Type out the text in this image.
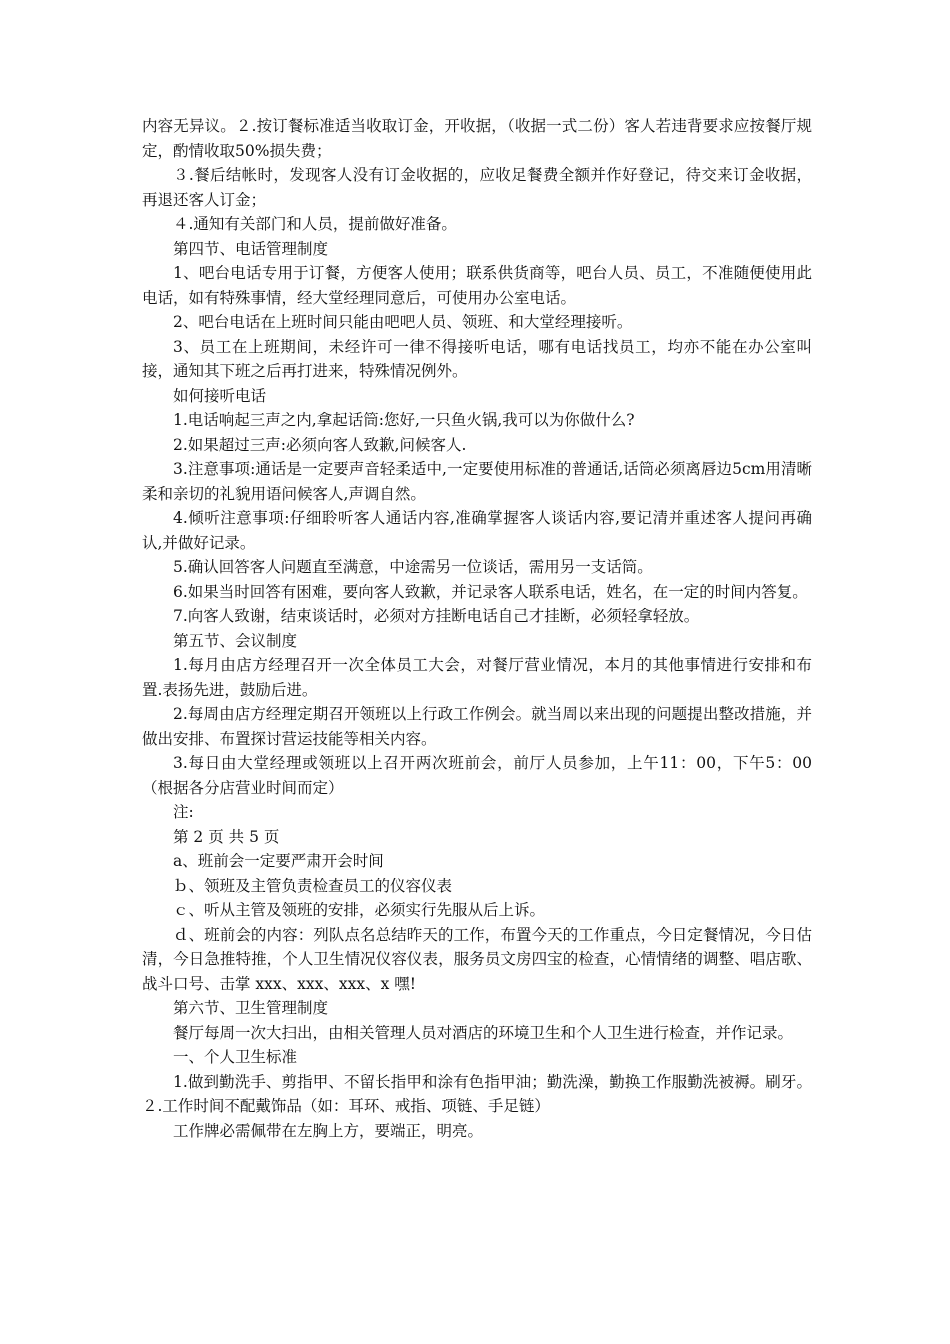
内容无异议。２.按订餐标准适当收取订金，开收据，（收据一式二份）客人若违背要求应按餐厅规定，酌情收取50%损失费；

３.餐后结帐时，发现客人没有订金收据的，应收足餐费全额并作好登记，待交来订金收据，再退还客人订金；

４.通知有关部门和人员，提前做好准备。

第四节、电话管理制度

1、吧台电话专用于订餐，方便客人使用；联系供货商等，吧台人员、员工，不准随便使用此电话，如有特殊事情，经大堂经理同意后，可使用办公室电话。

2、吧台电话在上班时间只能由吧吧人员、领班、和大堂经理接听。

3、员工在上班期间，未经许可一律不得接听电话，哪有电话找员工，均亦不能在办公室叫接，通知其下班之后再打进来，特殊情况例外。

如何接听电话

1.电话响起三声之内,拿起话筒:您好,一只鱼火锅,我可以为你做什么?

2.如果超过三声:必须向客人致歉,问候客人.

3.注意事项:通话是一定要声音轻柔适中,一定要使用标准的普通话,话筒必须离唇边5cm用清晰柔和亲切的礼貌用语问候客人,声调自然。

4.倾听注意事项:仔细聆听客人通话内容,准确掌握客人谈话内容,要记清并重述客人提问再确认,并做好记录。

5.确认回答客人问题直至满意，中途需另一位谈话，需用另一支话筒。

6.如果当时回答有困难，要向客人致歉，并记录客人联系电话，姓名，在一定的时间内答复。

7.向客人致谢，结束谈话时，必须对方挂断电话自己才挂断，必须轻拿轻放。

第五节、会议制度

1.每月由店方经理召开一次全体员工大会，对餐厅营业情况，本月的其他事情进行安排和布置.表扬先进，鼓励后进。

2.每周由店方经理定期召开领班以上行政工作例会。就当周以来出现的问题提出整改措施，并做出安排、布置探讨营运技能等相关内容。

3.每日由大堂经理或领班以上召开两次班前会，前厅人员参加，上午11：00，下午5：00（根据各分店营业时间而定）

注:

第 2 页 共 5 页

a、班前会一定要严肃开会时间

ｂ、领班及主管负责检查员工的仪容仪表

ｃ、听从主管及领班的安排，必须实行先服从后上诉。

ｄ、班前会的内容：列队点名总结昨天的工作，布置今天的工作重点，今日定餐情况，今日估清，今日急推特推，个人卫生情况仪容仪表，服务员文房四宝的检查，心情情绪的调整、唱店歌、战斗口号、击掌 xxx、xxx、xxx、x 嘿!

第六节、卫生管理制度

餐厅每周一次大扫出，由相关管理人员对酒店的环境卫生和个人卫生进行检查，并作记录。

一、个人卫生标准

1.做到勤洗手、剪指甲、不留长指甲和涂有色指甲油；勤洗澡，勤换工作服勤洗被褥。刷牙。２.工作时间不配戴饰品（如：耳环、戒指、项链、手足链）

工作牌必需佩带在左胸上方，要端正，明亮。
